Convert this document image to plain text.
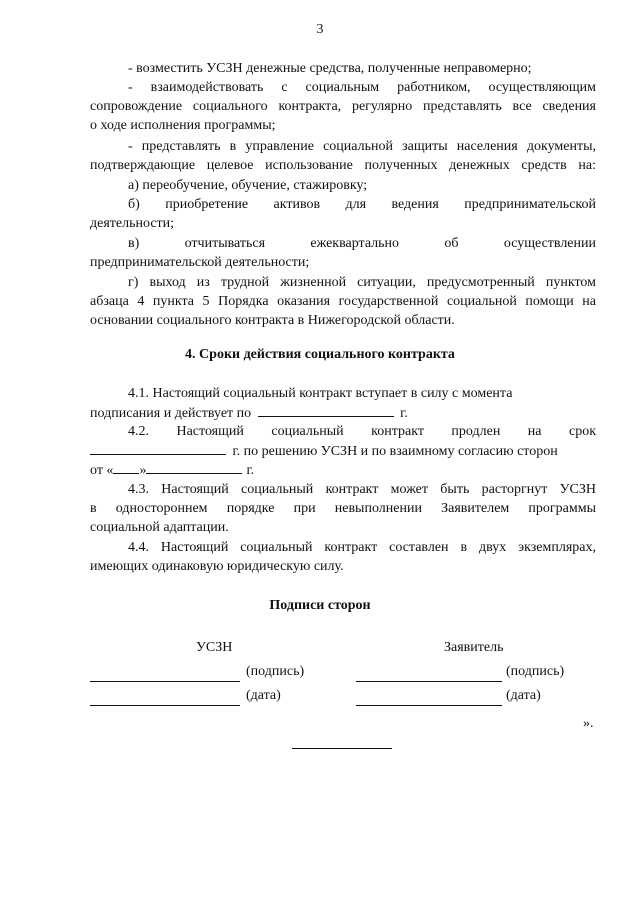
3
- возместить УСЗН денежные средства, полученные неправомерно;
- взаимодействовать с социальным работником, осуществляющим
сопровождение социального контракта, регулярно представлять все сведения
о ходе исполнения программы;
- представлять в управление социальной защиты населения документы,
подтверждающие целевое использование полученных денежных средств на:
а) переобучение, обучение, стажировку;
б) приобретение активов для ведения предпринимательской
деятельности;
в) отчитываться ежеквартально об осуществлении
предпринимательской деятельности;
г) выход из трудной жизненной ситуации, предусмотренный пунктом
абзаца 4 пункта 5 Порядка оказания государственной социальной помощи на
основании социального контракта в Нижегородской области.
4. Сроки действия социального контракта
4.1. Настоящий социальный контракт вступает в силу с момента
подписания и действует по	г.
4.2. Настоящий социальный контракт продлен на срок
г. по решению УСЗН и по взаимному согласию сторон
от « »	г.
4.3. Настоящий социальный контракт может быть расторгнут УСЗН
в одностороннем порядке при невыполнении Заявителем программы
социальной адаптации.
4.4. Настоящий социальный контракт составлен в двух экземплярах,
имеющих одинаковую юридическую силу.
Подписи сторон
УСЗН	Заявитель
(подпись)	(подпись)
(дата)	(дата)
».
